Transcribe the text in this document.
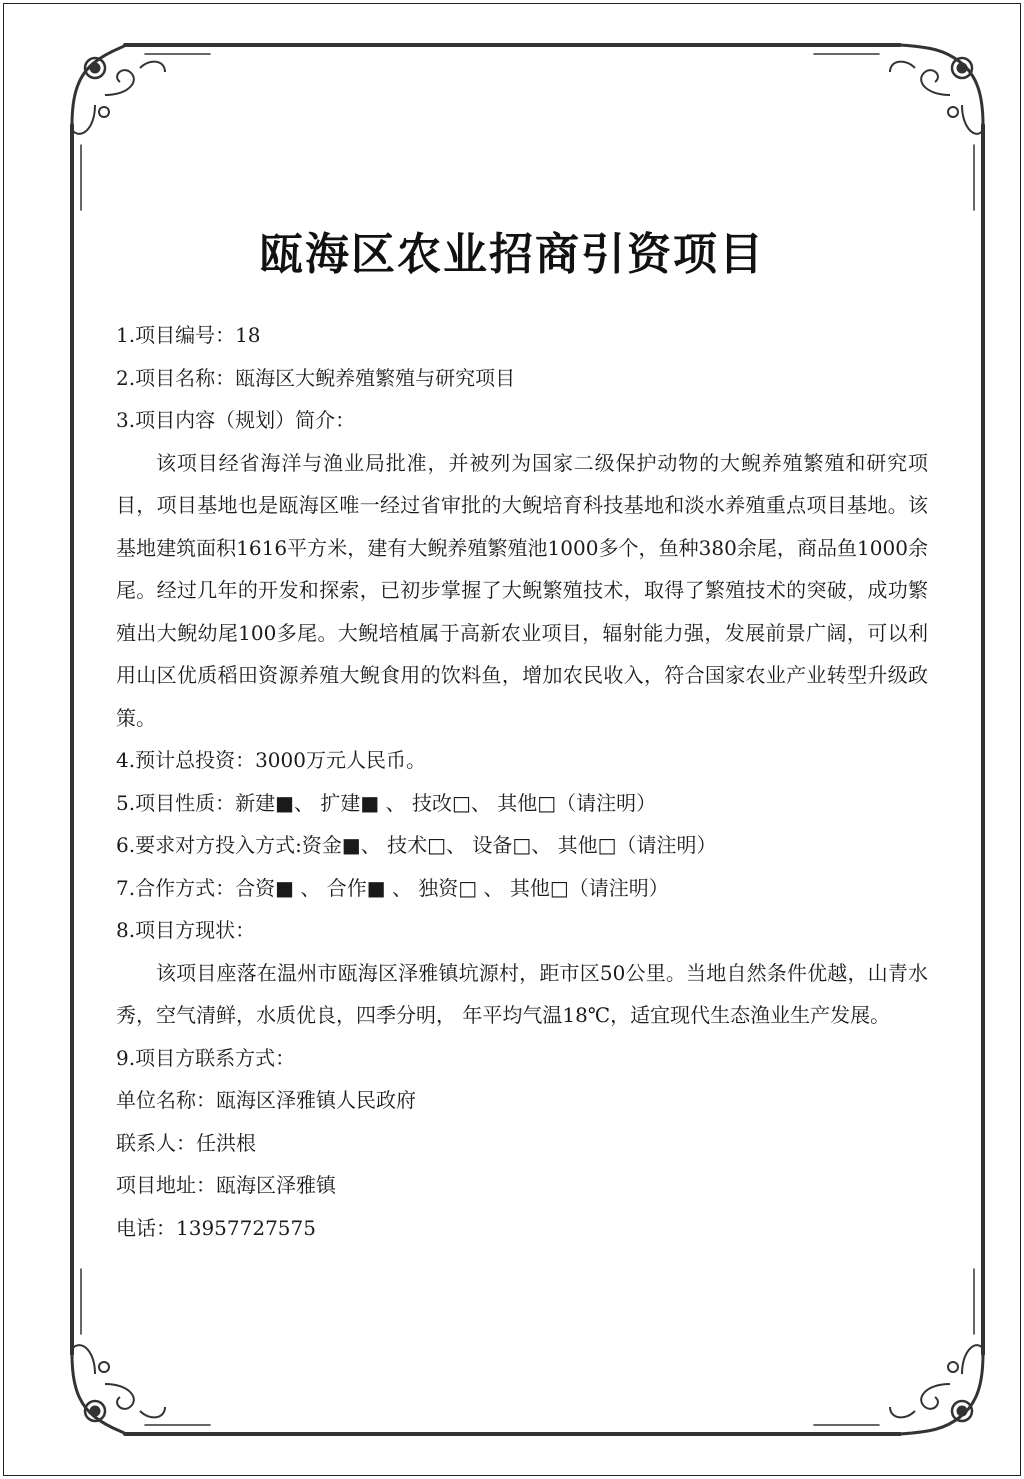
瓯海区农业招商引资项目

1.项目编号：18

2.项目名称：瓯海区大鲵养殖繁殖与研究项目

3.项目内容（规划）简介：

该项目经省海洋与渔业局批准，并被列为国家二级保护动物的大鲵养殖繁殖和研究项目，项目基地也是瓯海区唯一经过省审批的大鲵培育科技基地和淡水养殖重点项目基地。该基地建筑面积1616平方米，建有大鲵养殖繁殖池1000多个，鱼种380余尾，商品鱼1000余尾。经过几年的开发和探索，已初步掌握了大鲵繁殖技术，取得了繁殖技术的突破，成功繁殖出大鲵幼尾100多尾。大鲵培植属于高新农业项目，辐射能力强，发展前景广阔，可以利用山区优质稻田资源养殖大鲵食用的饮料鱼，增加农民收入，符合国家农业产业转型升级政策。

4.预计总投资：3000万元人民币。

5.项目性质：新建■、 扩建■ 、 技改□、 其他□（请注明）

6.要求对方投入方式:资金■、 技术□、 设备□、 其他□（请注明）

7.合作方式：合资■ 、 合作■ 、 独资□ 、 其他□（请注明）

8.项目方现状：

该项目座落在温州市瓯海区泽雅镇坑源村，距市区50公里。当地自然条件优越，山青水秀，空气清鲜，水质优良，四季分明， 年平均气温18℃，适宜现代生态渔业生产发展。

9.项目方联系方式：

单位名称：瓯海区泽雅镇人民政府

联系人：任洪根

项目地址：瓯海区泽雅镇

电话：13957727575
